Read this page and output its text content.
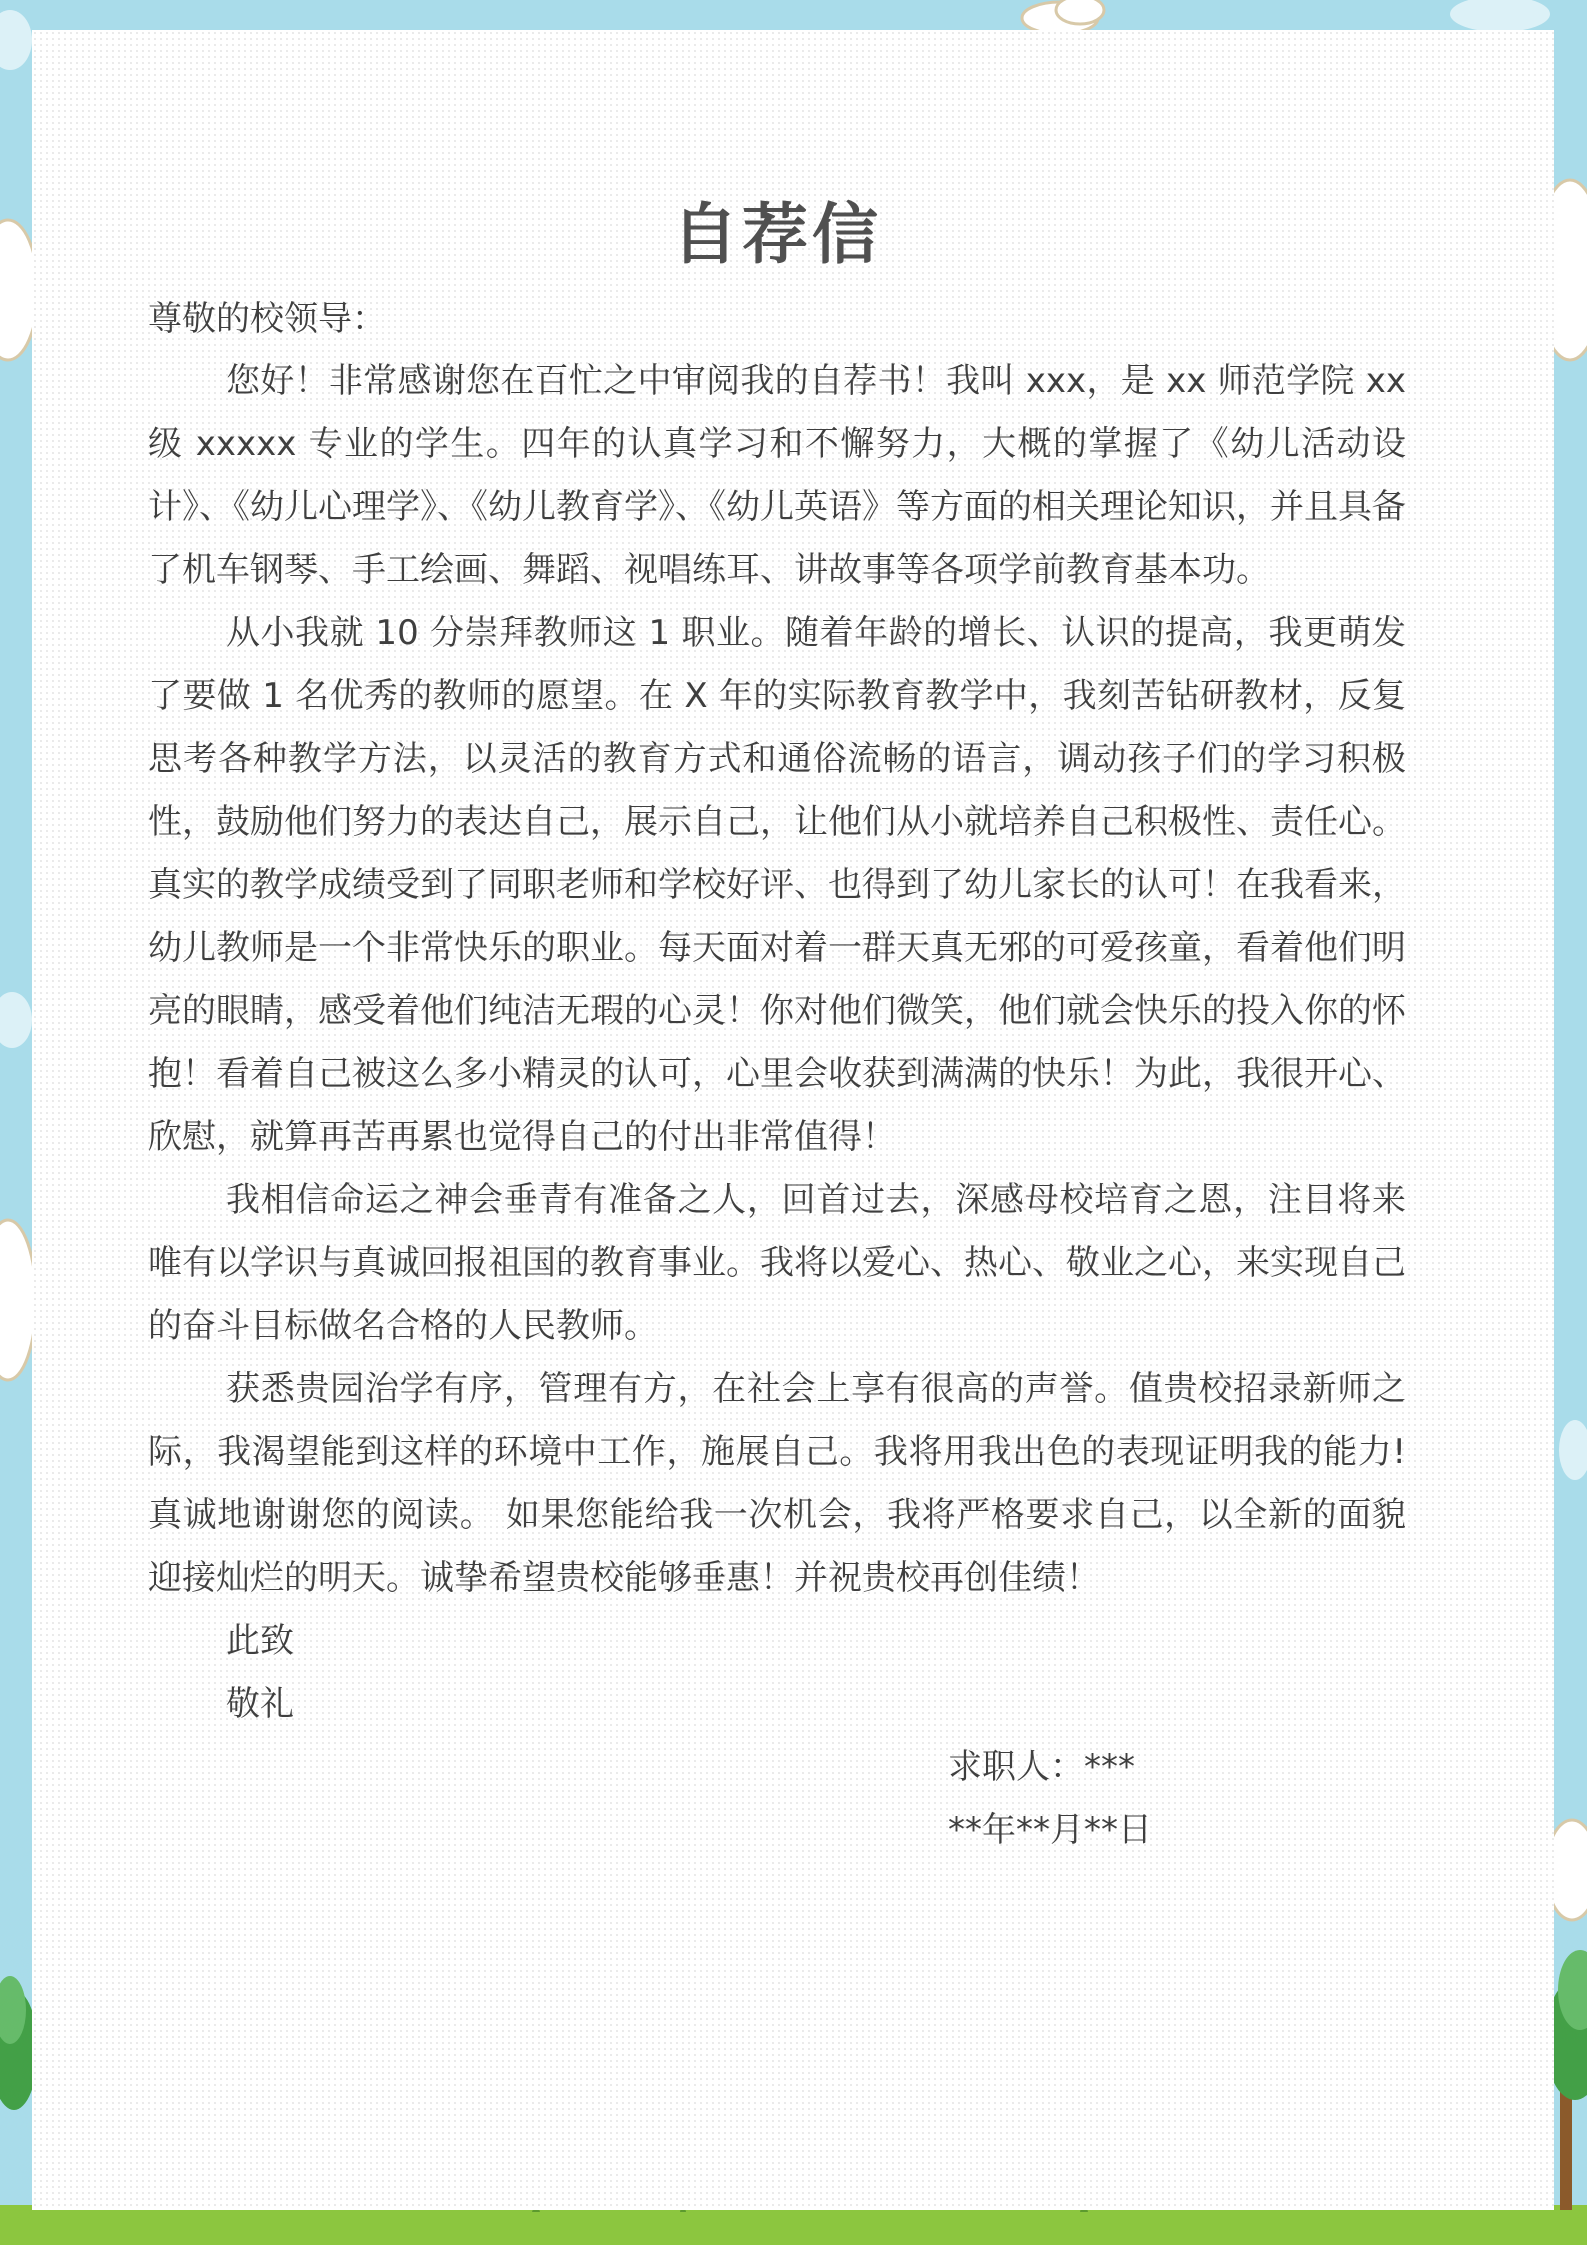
自荐信

尊敬的校领导：

您好！非常感谢您在百忙之中审阅我的自荐书！我叫 xxx，是 xx 师范学院 xx 级 xxxxx 专业的学生。四年的认真学习和不懈努力，大概的掌握了《幼儿活动设计》、《幼儿心理学》、《幼儿教育学》、《幼儿英语》等方面的相关理论知识，并且具备了机车钢琴、手工绘画、舞蹈、视唱练耳、讲故事等各项学前教育基本功。

从小我就 10 分崇拜教师这 1 职业。随着年龄的增长、认识的提高，我更萌发了要做 1 名优秀的教师的愿望。在 X 年的实际教育教学中，我刻苦钻研教材，反复思考各种教学方法，以灵活的教育方式和通俗流畅的语言，调动孩子们的学习积极性，鼓励他们努力的表达自己，展示自己，让他们从小就培养自己积极性、责任心。真实的教学成绩受到了同职老师和学校好评、也得到了幼儿家长的认可！在我看来，幼儿教师是一个非常快乐的职业。每天面对着一群天真无邪的可爱孩童，看着他们明亮的眼睛，感受着他们纯洁无瑕的心灵！你对他们微笑，他们就会快乐的投入你的怀抱！看着自己被这么多小精灵的认可，心里会收获到满满的快乐！为此，我很开心、欣慰，就算再苦再累也觉得自己的付出非常值得！

我相信命运之神会垂青有准备之人，回首过去，深感母校培育之恩，注目将来唯有以学识与真诚回报祖国的教育事业。我将以爱心、热心、敬业之心，来实现自己的奋斗目标做名合格的人民教师。

获悉贵园治学有序，管理有方，在社会上享有很高的声誉。值贵校招录新师之际，我渴望能到这样的环境中工作，施展自己。我将用我出色的表现证明我的能力!真诚地谢谢您的阅读。 如果您能给我一次机会，我将严格要求自己，以全新的面貌迎接灿烂的明天。诚挚希望贵校能够垂惠！并祝贵校再创佳绩！

此致

敬礼

求职人：***
**年**月**日
